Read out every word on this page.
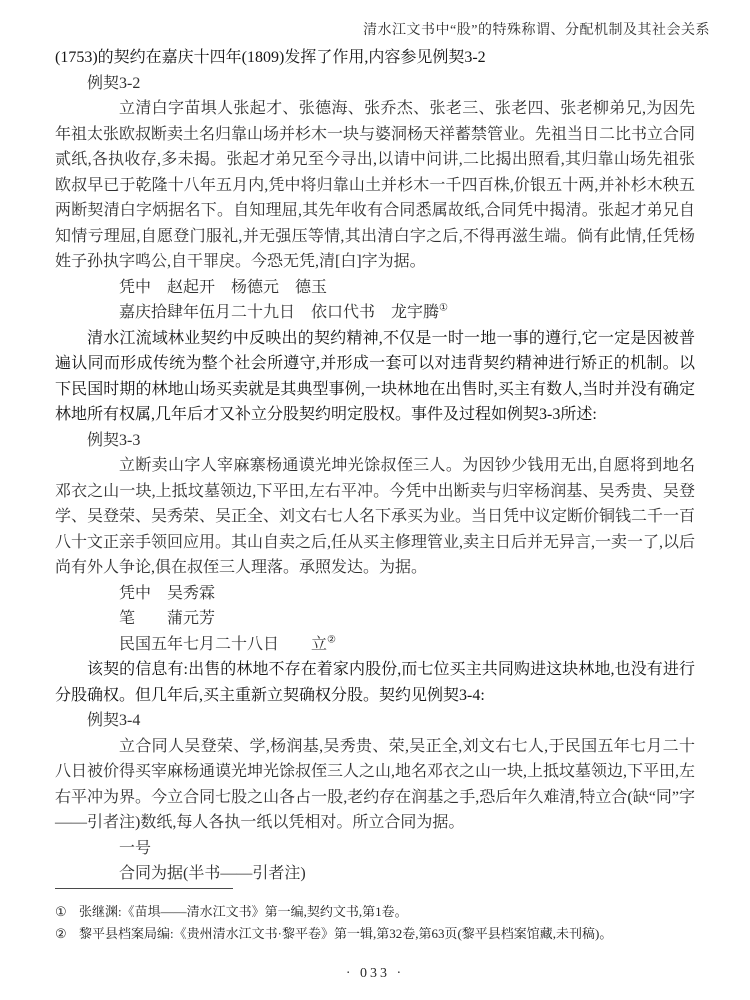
清水江文书中“股”的特殊称谓、分配机制及其社会关系

(1753)的契约在嘉庆十四年(1809)发挥了作用,内容参见例契3-2

例契3-2

立清白字苗埧人张起才、张德海、张乔杰、张老三、张老四、张老柳弟兄,为因先年祖太张欧叔断卖土名归靠山场并杉木一块与婆洞杨天祥蓄禁管业。先祖当日二比书立合同贰纸,各执收存,多未揭。张起才弟兄至今寻出,以请中问讲,二比揭出照看,其归靠山场先祖张欧叔早已于乾隆十八年五月内,凭中将归靠山土并杉木一千四百株,价银五十两,并补杉木秧五两断契清白字炳据名下。自知理屈,其先年收有合同悉属故纸,合同凭中揭清。张起才弟兄自知情亏理屈,自愿登门服礼,并无强压等情,其出清白字之后,不得再滋生端。倘有此情,任凭杨姓子孙执字鸣公,自干罪戾。今恐无凭,清[白]字为据。

凭中　赵起开　杨德元　德玉

嘉庆拾肆年伍月二十九日　依口代书　龙宇腾①

清水江流域林业契约中反映出的契约精神,不仅是一时一地一事的遵行,它一定是因被普遍认同而形成传统为整个社会所遵守,并形成一套可以对违背契约精神进行矫正的机制。以下民国时期的林地山场买卖就是其典型事例,一块林地在出售时,买主有数人,当时并没有确定林地所有权属,几年后才又补立分股契约明定股权。事件及过程如例契3-3所述:

例契3-3

立断卖山字人宰麻寨杨通谟光坤光馀叔侄三人。为因钞少钱用无出,自愿将到地名邓衣之山一块,上抵坟墓领边,下平田,左右平冲。今凭中出断卖与归宰杨润基、吴秀贵、吴登学、吴登荣、吴秀荣、吴正全、刘文右七人名下承买为业。当日凭中议定断价铜钱二千一百八十文正亲手领回应用。其山自卖之后,任从买主修理管业,卖主日后并无异言,一卖一了,以后尚有外人争论,俱在叔侄三人理落。承照发达。为据。

凭中　吴秀霖

笔　　蒲元芳

民国五年七月二十八日　　立②

该契的信息有:出售的林地不存在着家内股份,而七位买主共同购进这块林地,也没有进行分股确权。但几年后,买主重新立契确权分股。契约见例契3-4:

例契3-4

立合同人吴登荣、学,杨润基,吴秀贵、荣,吴正全,刘文右七人,于民国五年七月二十八日被价得买宰麻杨通谟光坤光馀叔侄三人之山,地名邓衣之山一块,上抵坟墓领边,下平田,左右平冲为界。今立合同七股之山各占一股,老约存在润基之手,恐后年久难清,特立合(缺“同”字——引者注)数纸,每人各执一纸以凭相对。所立合同为据。

一号

合同为据(半书——引者注)

① 张继渊:《苗埧——清水江文书》第一编,契约文书,第1卷。
② 黎平县档案局编:《贵州清水江文书·黎平卷》第一辑,第32卷,第63页(黎平县档案馆藏,未刊稿)。
· 033 ·
